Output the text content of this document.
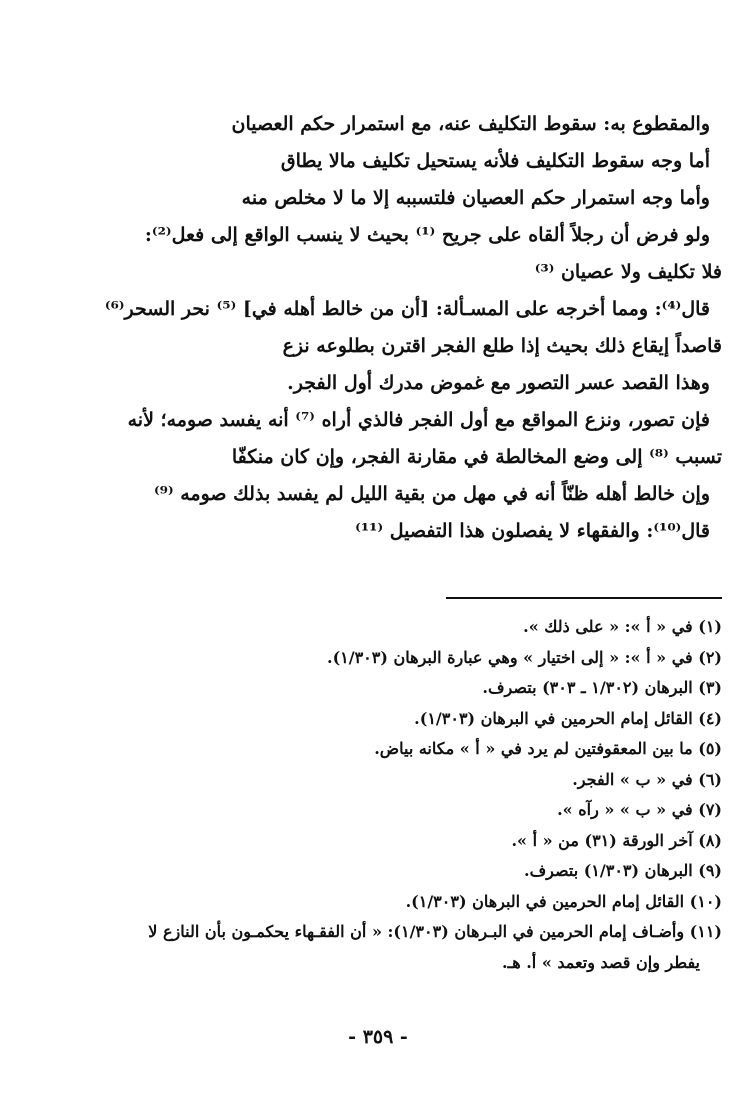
والمقطوع به: سقوط التكليف عنه، مع استمرار حكم العصيان
أما وجه سقوط التكليف فلأنه يستحيل تكليف مالا يطاق
وأما وجه استمرار حكم العصيان فلتسببه إلا ما لا مخلص منه
ولو فرض أن رجلاً ألقاه على جريح ⁽¹⁾ بحيث لا ينسب الواقع إلى فعل⁽²⁾:
فلا تكليف ولا عصيان ⁽³⁾
قال⁽⁴⁾: ومما أخرجه على المسـألة: [أن من خالط أهله في] ⁽⁵⁾ نحر السحر⁽⁶⁾
قاصداً إيقاع ذلك بحيث إذا طلع الفجر اقترن بطلوعه نزع
وهذا القصد عسر التصور مع غموض مدرك أول الفجر.
فإن تصور، ونزع المواقع مع أول الفجر فالذي أراه ⁽⁷⁾ أنه يفسد صومه؛ لأنه
تسبب ⁽⁸⁾ إلى وضع المخالطة في مقارنة الفجر، وإن كان منكفّا
وإن خالط أهله ظنّاً أنه في مهل من بقية الليل لم يفسد بذلك صومه ⁽⁹⁾
قال⁽¹⁰⁾: والفقهاء لا يفصلون هذا التفصيل ⁽¹¹⁾
(١) في « أ »: « على ذلك ».
(٢) في « أ »: « إلى اختيار » وهي عبارة البرهان (١/٣٠٣).
(٣) البرهان (١/٣٠٢ ـ ٣٠٣) بتصرف.
(٤) القائل إمام الحرمين في البرهان (١/٣٠٣).
(٥) ما بين المعقوفتين لم يرد في « أ » مكانه بياض.
(٦) في « ب » الفجر.
(٧) في « ب » « رآه ».
(٨) آخر الورقة (٣١) من « أ ».
(٩) البرهان (١/٣٠٣) بتصرف.
(١٠) القائل إمام الحرمين في البرهان (١/٣٠٣).
(١١) وأضـاف إمام الحرمين في البـرهان (١/٣٠٣): « أن الفقـهاء يحكمـون بأن النازع لا
يفطر وإن قصد وتعمد » أ. هـ.
- ٣٥٩ -
